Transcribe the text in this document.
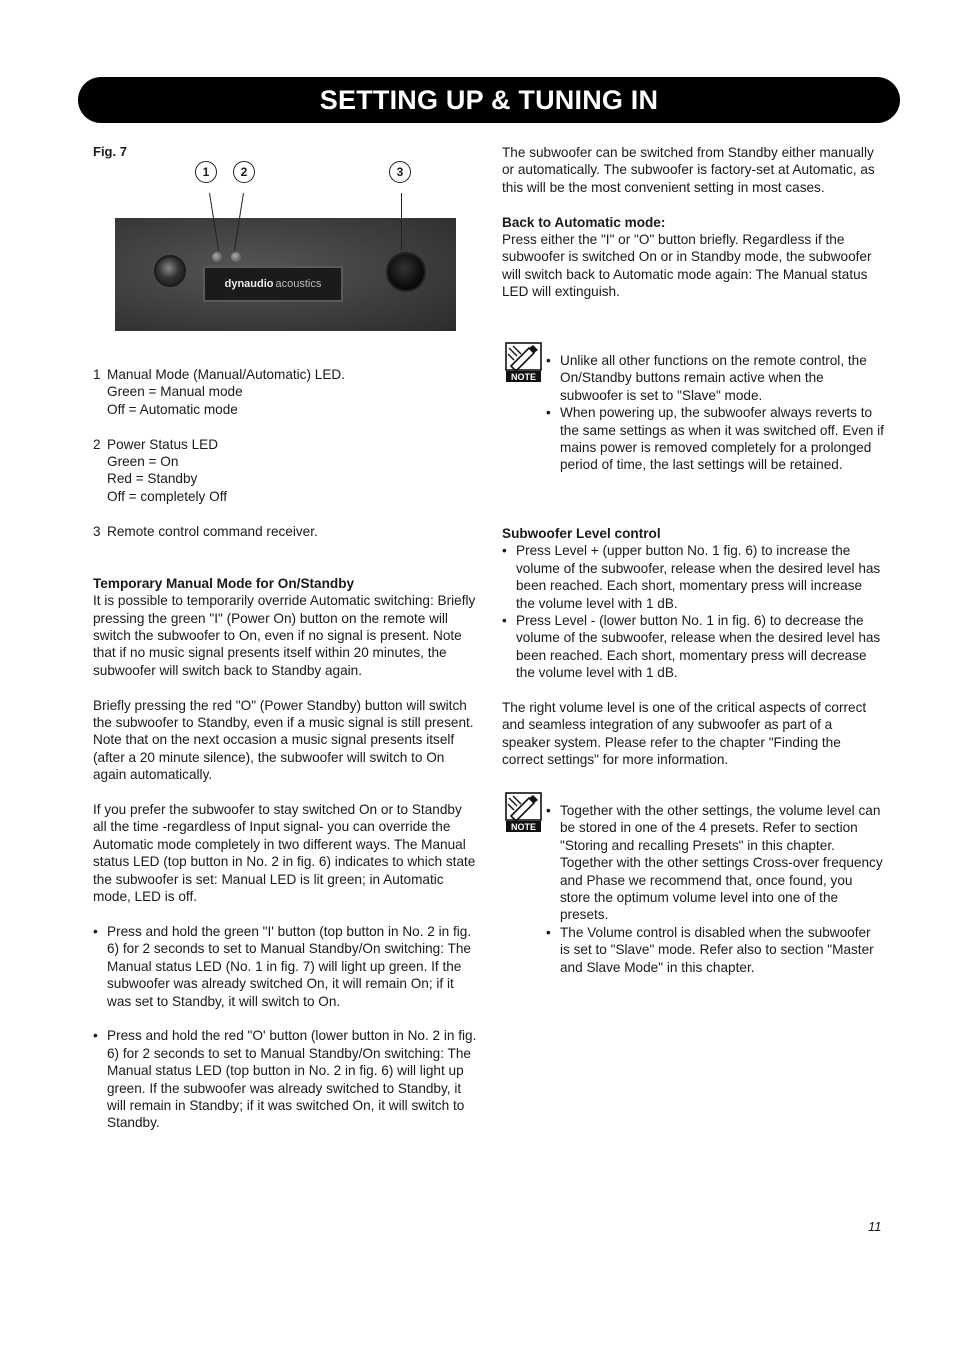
SETTING UP & TUNING IN
Fig. 7
dynaudio acoustics
1	2	3
1 Manual Mode (Manual/Automatic) LED.

Green = Manual mode

Off = Automatic mode

2 Power Status LED

Green = On

Red = Standby

Off = completely Off

3 Remote control command receiver.

Temporary Manual Mode for On/Standby

It is possible to temporarily override Automatic switching: Briefly pressing the green "I" (Power On) button on the remote will switch the subwoofer to On, even if no signal is present. Note that if no music signal presents itself within 20 minutes, the subwoofer will switch back to Standby again.

Briefly pressing the red "O" (Power Standby) button will switch the subwoofer to Standby, even if a music signal is still present. Note that on the next occasion a music signal presents itself (after a 20 minute silence), the subwoofer will switch to On again automatically.

If you prefer the subwoofer to stay switched On or to Standby all the time -regardless of Input signal- you can override the Automatic mode completely in two different ways. The Manual status LED (top button in No. 2 in fig. 6) indicates to which state the subwoofer is set: Manual LED is lit green; in Automatic mode, LED is off.

• Press and hold the green "I' button (top button in No. 2 in fig. 6) for 2 seconds to set to Manual Standby/On switching: The Manual status LED (No. 1 in fig. 7) will light up green. If the subwoofer was already switched On, it will remain On; if it was set to Standby, it will switch to On.

• Press and hold the red "O' button (lower button in No. 2 in fig. 6) for 2 seconds to set to Manual Standby/On switching: The Manual status LED (top button in No. 2 in fig. 6) will light up green. If the subwoofer was already switched to Standby, it will remain in Standby; if it was switched On, it will switch to Standby.

The subwoofer can be switched from Standby either manually or automatically. The subwoofer is factory-set at Automatic, as this will be the most convenient setting in most cases.

Back to Automatic mode:

Press either the "I" or "O" button briefly. Regardless if the subwoofer is switched On or in Standby mode, the subwoofer will switch back to Automatic mode again: The Manual status LED will extinguish.

NOTE

• Unlike all other functions on the remote control, the On/Standby buttons remain active when the subwoofer is set to "Slave" mode.

• When powering up, the subwoofer always reverts to the same settings as when it was switched off. Even if mains power is removed completely for a prolonged period of time, the last settings will be retained.

Subwoofer Level control

• Press Level + (upper button No. 1 fig. 6) to increase the volume of the subwoofer, release when the desired level has been reached. Each short, momentary press will increase the volume level with 1 dB.

• Press Level - (lower button No. 1 in fig. 6) to decrease the volume of the subwoofer, release when the desired level has been reached. Each short, momentary press will decrease the volume level with 1 dB.

The right volume level is one of the critical aspects of correct and seamless integration of any subwoofer as part of a speaker system. Please refer to the chapter "Finding the correct settings" for more information.

NOTE

• Together with the other settings, the volume level can be stored in one of the 4 presets. Refer to section "Storing and recalling Presets" in this chapter. Together with the other settings Cross-over frequency and Phase we recommend that, once found, you store the optimum volume level into one of the presets.

• The Volume control is disabled when the subwoofer is set to "Slave" mode. Refer also to section "Master and Slave Mode" in this chapter.

11
